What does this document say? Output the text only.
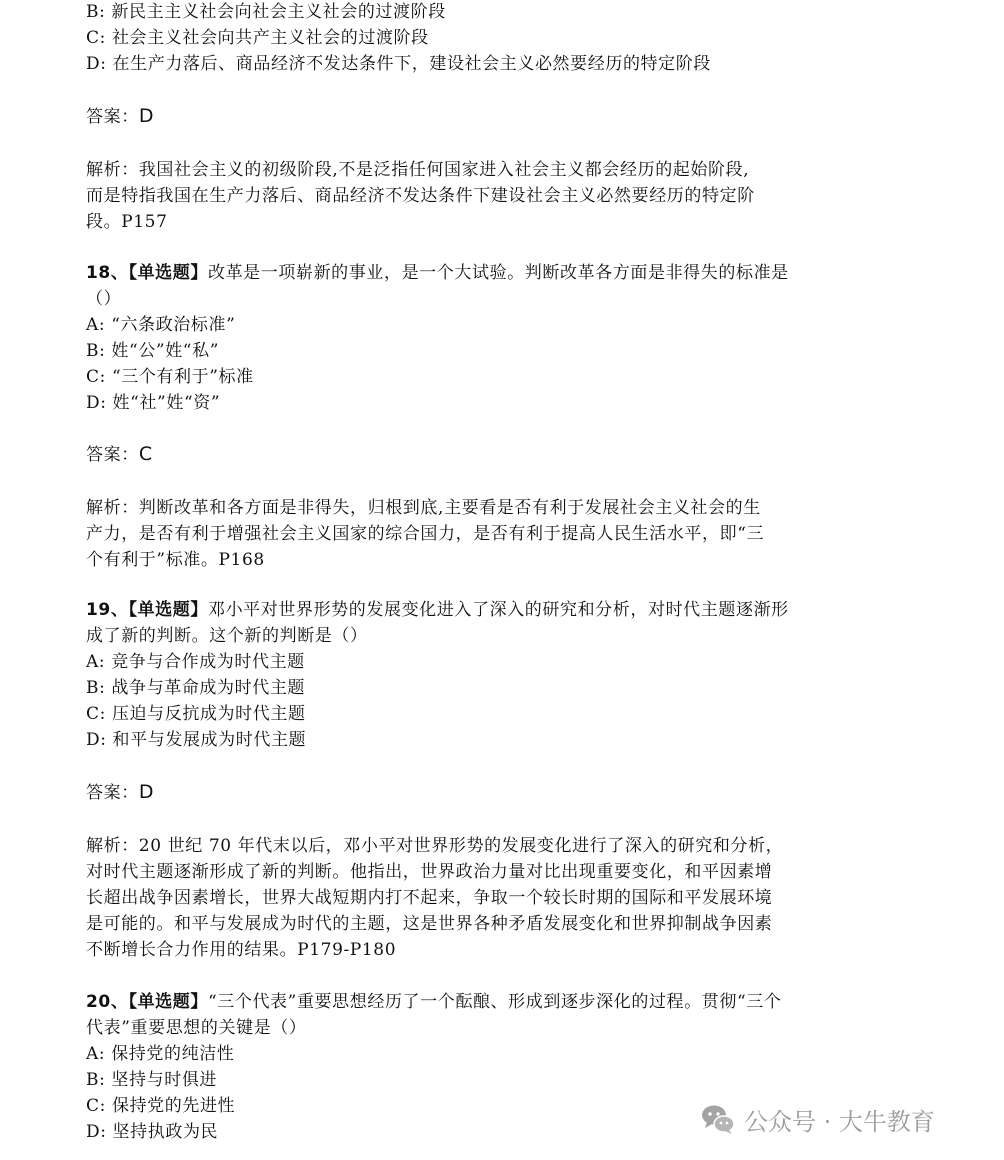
B: 新民主主义社会向社会主义社会的过渡阶段

C: 社会主义社会向共产主义社会的过渡阶段

D: 在生产力落后、商品经济不发达条件下，建设社会主义必然要经历的特定阶段

答案：D

解析：我国社会主义的初级阶段,不是泛指任何国家进入社会主义都会经历的起始阶段,

而是特指我国在生产力落后、商品经济不发达条件下建设社会主义必然要经历的特定阶

段。P157

18、【单选题】改革是一项崭新的事业，是一个大试验。判断改革各方面是非得失的标准是

（）

A: “六条政治标准”

B: 姓“公”姓“私”

C: “三个有利于”标准

D: 姓“社”姓“资”

答案：C

解析：判断改革和各方面是非得失，归根到底,主要看是否有利于发展社会主义社会的生

产力，是否有利于增强社会主义国家的综合国力，是否有利于提高人民生活水平，即“三

个有利于”标准。P168

19、【单选题】邓小平对世界形势的发展变化进入了深入的研究和分析，对时代主题逐渐形

成了新的判断。这个新的判断是（）

A: 竞争与合作成为时代主题

B: 战争与革命成为时代主题

C: 压迫与反抗成为时代主题

D: 和平与发展成为时代主题

答案：D

解析：20 世纪 70 年代末以后，邓小平对世界形势的发展变化进行了深入的研究和分析，

对时代主题逐渐形成了新的判断。他指出，世界政治力量对比出现重要变化，和平因素增

长超出战争因素增长，世界大战短期内打不起来，争取一个较长时期的国际和平发展环境

是可能的。和平与发展成为时代的主题，这是世界各种矛盾发展变化和世界抑制战争因素

不断增长合力作用的结果。P179-P180

20、【单选题】“三个代表”重要思想经历了一个酝酿、形成到逐步深化的过程。贯彻“三个

代表”重要思想的关键是（）

A: 保持党的纯洁性

B: 坚持与时俱进

C: 保持党的先进性

D: 坚持执政为民	公众号 · 大牛教育
